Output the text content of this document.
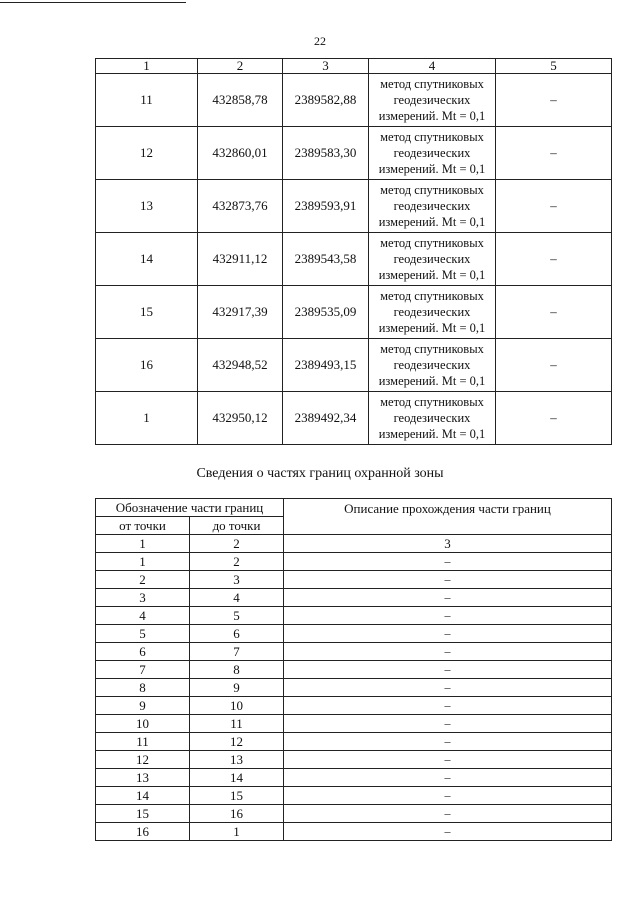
22
1	2	3	4	5
11	432858,78	2389582,88	метод спутниковых
геодезических
измерений. Mt = 0,1	–
12	432860,01	2389583,30	метод спутниковых
геодезических
измерений. Mt = 0,1	–
13	432873,76	2389593,91	метод спутниковых
геодезических
измерений. Mt = 0,1	–
14	432911,12	2389543,58	метод спутниковых
геодезических
измерений. Mt = 0,1	–
15	432917,39	2389535,09	метод спутниковых
геодезических
измерений. Mt = 0,1	–
16	432948,52	2389493,15	метод спутниковых
геодезических
измерений. Mt = 0,1	–
1	432950,12	2389492,34	метод спутниковых
геодезических
измерений. Mt = 0,1	–
Сведения о частях границ охранной зоны
Обозначение части границ		Описание прохождения части границ
от точки	до точки	
1	2	3
1	2	–
2	3	–
3	4	–
4	5	–
5	6	–
6	7	–
7	8	–
8	9	–
9	10	–
10	11	–
11	12	–
12	13	–
13	14	–
14	15	–
15	16	–
16	1	–
